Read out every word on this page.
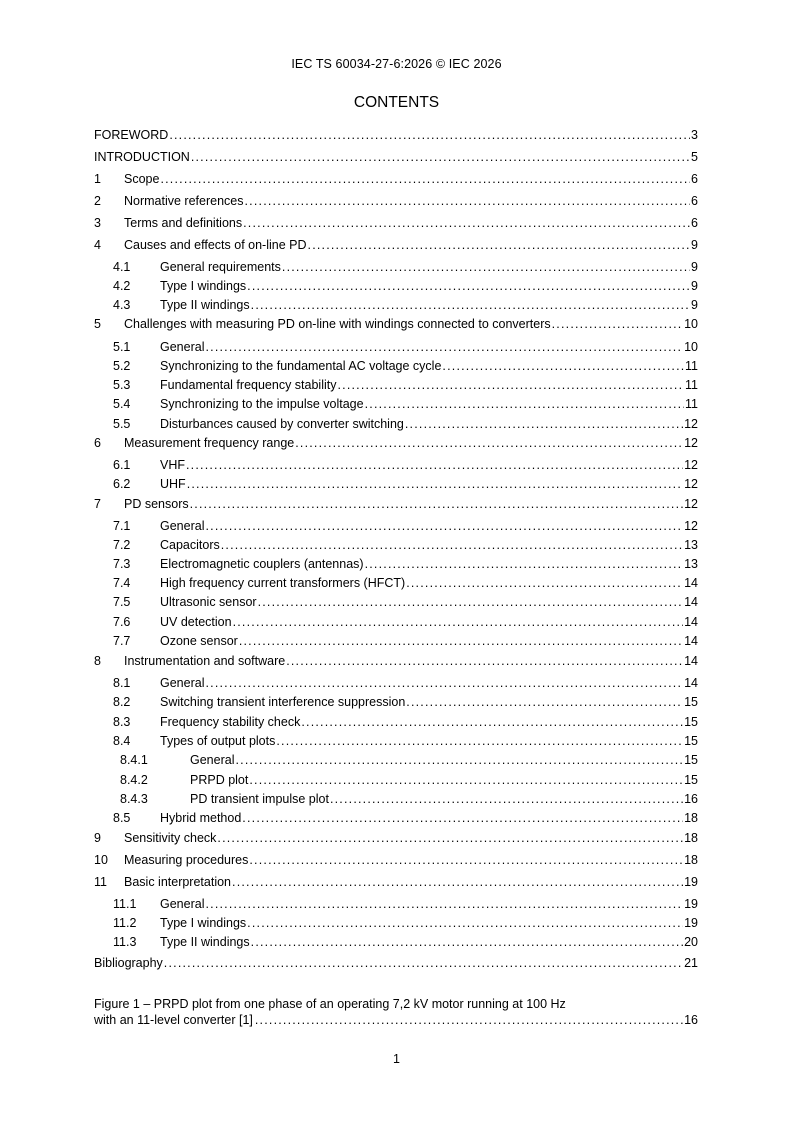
IEC TS 60034-27-6:2026 © IEC 2026
CONTENTS
FOREWORD .....	3
INTRODUCTION .....	5
1	Scope .....	6
2	Normative references .....	6
3	Terms and definitions .....	6
4	Causes and effects of on-line PD .....	9
4.1	General requirements .....	9
4.2	Type I windings .....	9
4.3	Type II windings .....	9
5	Challenges with measuring PD on-line with windings connected to converters .....	10
5.1	General .....	10
5.2	Synchronizing to the fundamental AC voltage cycle .....	11
5.3	Fundamental frequency stability .....	11
5.4	Synchronizing to the impulse voltage .....	11
5.5	Disturbances caused by converter switching .....	12
6	Measurement frequency range .....	12
6.1	VHF .....	12
6.2	UHF .....	12
7	PD sensors .....	12
7.1	General .....	12
7.2	Capacitors .....	13
7.3	Electromagnetic couplers (antennas) .....	13
7.4	High frequency current transformers (HFCT) .....	14
7.5	Ultrasonic sensor .....	14
7.6	UV detection .....	14
7.7	Ozone sensor .....	14
8	Instrumentation and software .....	14
8.1	General .....	14
8.2	Switching transient interference suppression .....	15
8.3	Frequency stability check .....	15
8.4	Types of output plots .....	15
8.4.1	General .....	15
8.4.2	PRPD plot .....	15
8.4.3	PD transient impulse plot .....	16
8.5	Hybrid method .....	18
9	Sensitivity check .....	18
10	Measuring procedures .....	18
11	Basic interpretation .....	19
11.1	General .....	19
11.2	Type I windings .....	19
11.3	Type II windings .....	20
Bibliography .....	21
Figure 1 – PRPD plot from one phase of an operating 7,2 kV motor running at 100 Hz
with an 11-level converter [1] .....	16
1
